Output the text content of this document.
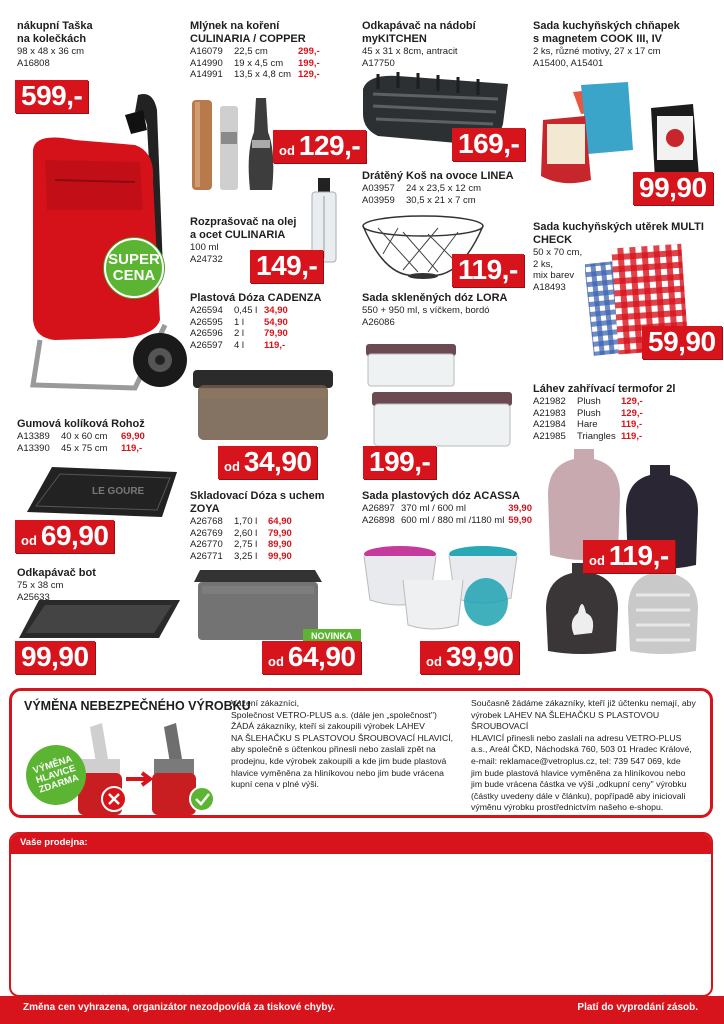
nákupní Taška
na kolečkách
98 x 48 x 36 cm
A16808
599,-
SUPER
CENA
Gumová kolíková Rohož
A13389	40 x 60 cm	69,90
A13390	45 x 75 cm	119,-
LE GOURE
od 69,90
Odkapávač bot
75 x 38 cm
A25633
99,90
Mlýnek na koření
CULINARIA / COPPER
A16079	22,5 cm	299,-
A14990	19 x 4,5 cm	199,-
A14991	13,5 x 4,8 cm 129,-
od 129,-
Rozprašovač na olej
a ocet CULINARIA
100 ml
A24732	149,-
Plastová Dóza CADENZA
A26594	0,45 l 34,90
A26595	1 l	54,90
A26596	2 l	79,90
A26597	4 l	119,-
od 34,90
Skladovací Dóza s uchem ZOYA
A26768	1,70 l	64,90
A26769	2,60 l	79,90
A26770	2,75 l	89,90
A26771	3,25 l	99,90
NOVINKA
od 64,90
Odkapávač na nádobí myKITCHEN
45 x 31 x 8cm, antracit
A17750
169,-
Drátěný Koš na ovoce LINEA
A03957	24 x 23,5 x 12 cm
A03959	30,5 x 21 x 7 cm
119,-
Sada skleněných dóz LORA
550 + 950 ml, s víčkem, bordó
A26086
199,-
Sada plastových dóz ACASSA
A26897 370 ml / 600 ml	39,90
A26898 600 ml / 880 ml /1180 ml 59,90
od 39,90
Sada kuchyňských chňapek
s magnetem COOK III, IV
2 ks, různé motivy, 27 x 17 cm
A15400, A15401
99,90
Sada kuchyňských utěrek MULTI
CHECK
50 x 70 cm,
2 ks,
mix barev
A18493
59,90
Láhev zahřívací termofor 2l
A21982	Plush	129,-
A21983	Plush	129,-
A21984	Hare	119,-
A21985	Triangles 119,-
od 119,-
VÝMĚNA NEBEZPEČNÉHO VÝROBKU
VÝMĚNA
HLAVICE
ZDARMA
Vážení zákazníci,
Společnost VETRO-PLUS a.s. (dále jen „společnost")
ŽÁDÁ zákazníky, kteří si zakoupili výrobek LAHEV
NA ŠLEHAČKU S PLASTOVOU ŠROUBOVACÍ HLAVICÍ,
aby společně s účtenkou přinesli nebo zaslali zpět na
prodejnu, kde výrobek zakoupili a kde jim bude plastová
hlavice vyměněna za hliníkovou nebo jim bude vrácena
kupní cena v plné výši.
Současně žádáme zákazníky, kteří již účtenku nemají, aby
výrobek LAHEV NA ŠLEHAČKU S PLASTOVOU ŠROUBOVACÍ
HLAVICÍ přinesli nebo zaslali na adresu VETRO-PLUS
a.s., Areál ČKD, Náchodská 760, 503 01 Hradec Králové,
e-mail: reklamace@vetroplus.cz, tel: 739 547 069, kde
jim bude plastová hlavice vyměněna za hliníkovou nebo
jim bude vrácena částka ve výši „odkupní ceny" výrobku
(částky uvedeny dále v článku), popřípadě aby iniciovali
výměnu výrobku prostřednictvím našeho e-shopu.
Vaše prodejna:
Změna cen vyhrazena, organizátor nezodpovídá za tiskové chyby.	Platí do vyprodání zásob.
